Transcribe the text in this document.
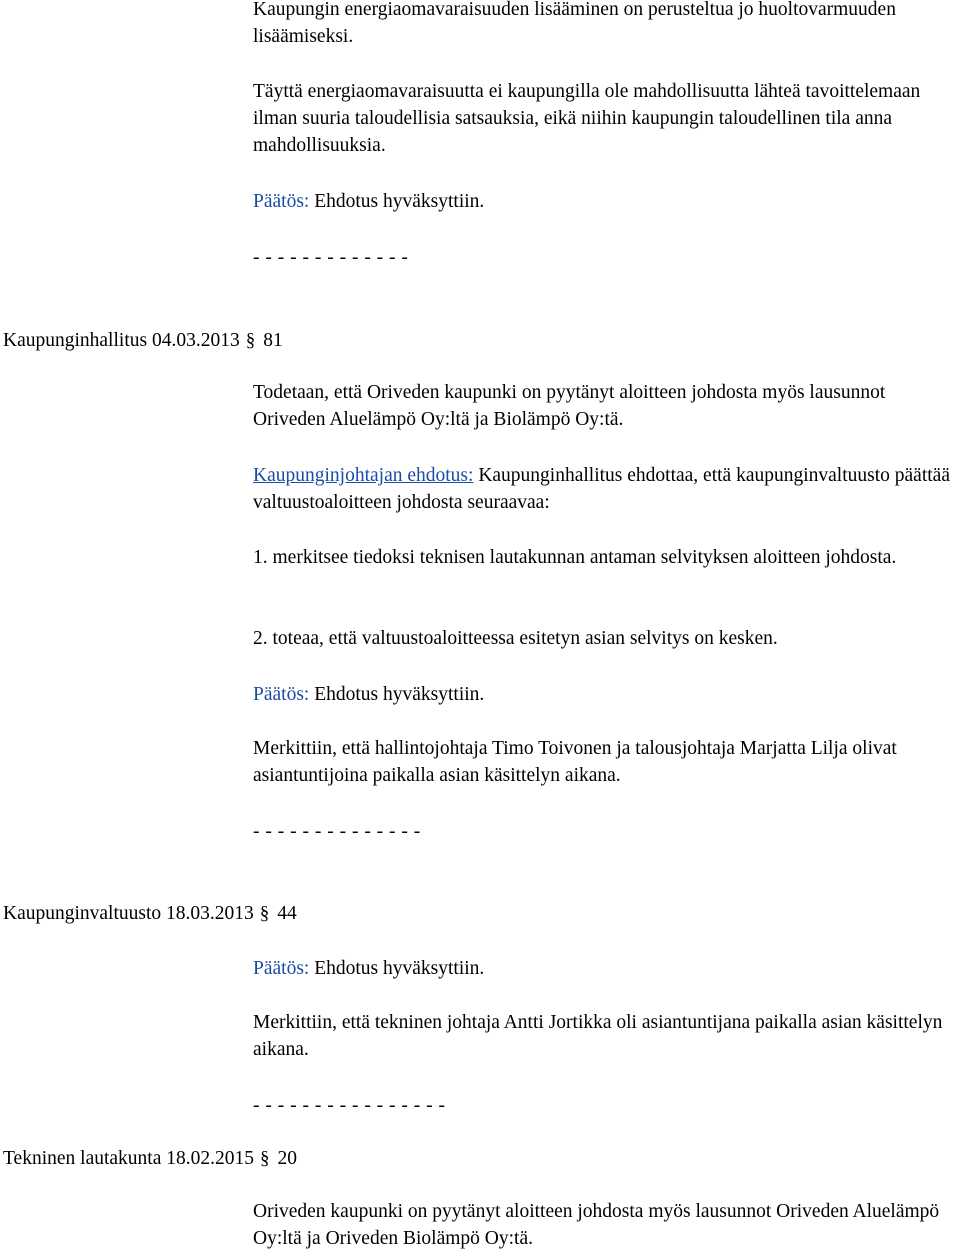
Kaupungin energiaomavaraisuuden lisääminen on perusteltua jo huoltovarmuuden lisäämiseksi.

Täyttä energiaomavaraisuutta ei kaupungilla ole mahdollisuutta lähteä tavoittelemaan ilman suuria taloudellisia satsauksia, eikä niihin kaupungin taloudellinen tila anna mahdollisuuksia.

Päätös: Ehdotus hyväksyttiin.

- - - - - - - - - - - - -
Kaupunginhallitus 04.03.2013 § 81

Todetaan, että Oriveden kaupunki on pyytänyt aloitteen johdosta myös lausunnot Oriveden Aluelämpö Oy:ltä ja Biolämpö Oy:tä.

Kaupunginjohtajan ehdotus: Kaupunginhallitus ehdottaa, että kaupunginvaltuusto päättää valtuustoaloitteen johdosta seuraavaa:

1. merkitsee tiedoksi teknisen lautakunnan antaman selvityksen aloitteen johdosta.

2. toteaa, että valtuustoaloitteessa esitetyn asian selvitys on kesken.

Päätös: Ehdotus hyväksyttiin.

Merkittiin, että hallintojohtaja Timo Toivonen ja talousjohtaja Marjatta Lilja olivat asiantuntijoina paikalla asian käsittelyn aikana.

- - - - - - - - - - - - - -
Kaupunginvaltuusto 18.03.2013 § 44

Päätös: Ehdotus hyväksyttiin.

Merkittiin, että tekninen johtaja Antti Jortikka oli asiantuntijana paikalla asian käsittelyn aikana.

- - - - - - - - - - - - - - - -
Tekninen lautakunta 18.02.2015 § 20

Oriveden kaupunki on pyytänyt aloitteen johdosta myös lausunnot Oriveden Aluelämpö Oy:ltä ja Oriveden Biolämpö Oy:tä.
